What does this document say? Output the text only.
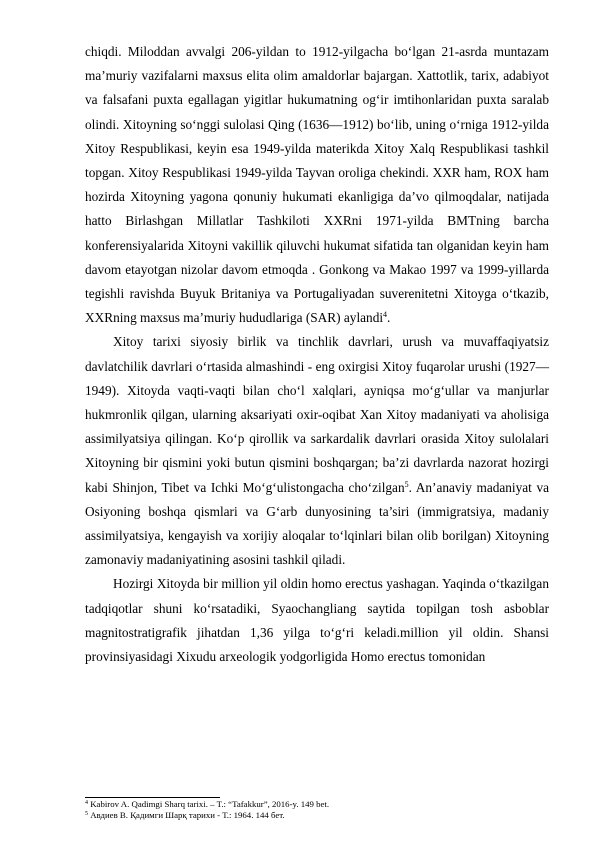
chiqdi. Miloddan avvalgi 206-yildan to 1912-yilgacha bo‘lgan 21-asrda muntazam ma’muriy vazifalarni maxsus elita olim amaldorlar bajargan. Xattotlik, tarix, adabiyot va falsafani puxta egallagan yigitlar hukumatning og‘ir imtihonlaridan puxta saralab olindi. Xitoyning so‘nggi sulolasi Qing (1636—1912) bo‘lib, uning o‘rniga 1912-yilda Xitoy Respublikasi, keyin esa 1949-yilda materikda Xitoy Xalq Respublikasi tashkil topgan. Xitoy Respublikasi 1949-yilda Tayvan oroliga chekindi. XXR ham, ROX ham hozirda Xitoyning yagona qonuniy hukumati ekanligiga da’vo qilmoqdalar, natijada hatto Birlashgan Millatlar Tashkiloti XXRni 1971-yilda BMTning barcha konferensiyalarida Xitoyni vakillik qiluvchi hukumat sifatida tan olganidan keyin ham davom etayotgan nizolar davom etmoqda . Gonkong va Makao 1997 va 1999-yillarda tegishli ravishda Buyuk Britaniya va Portugaliyadan suverenitetni Xitoyga o‘tkazib, XXRning maxsus ma’muriy hududlariga (SAR) aylandi$^4$.

Xitoy tarixi siyosiy birlik va tinchlik davrlari, urush va muvaffaqiyatsiz davlatchilik davrlari o‘rtasida almashindi - eng oxirgisi Xitoy fuqarolar urushi (1927—1949). Xitoyda vaqti-vaqti bilan cho‘l xalqlari, ayniqsa mo‘g‘ullar va manjurlar hukmronlik qilgan, ularning aksariyati oxir-oqibat Xan Xitoy madaniyati va aholisiga assimilyatsiya qilingan. Ko‘p qirollik va sarkardalik davrlari orasida Xitoy sulolalari Xitoyning bir qismini yoki butun qismini boshqargan; ba’zi davrlarda nazorat hozirgi kabi Shinjon, Tibet va Ichki Mo‘g‘ulistongacha cho‘zilgan$^5$. An’anaviy madaniyat va Osiyoning boshqa qismlari va G‘arb dunyosining ta’siri (immigratsiya, madaniy assimilyatsiya, kengayish va xorijiy aloqalar to‘lqinlari bilan olib borilgan) Xitoyning zamonaviy madaniyatining asosini tashkil qiladi.

Hozirgi Xitoyda bir million yil oldin homo erectus yashagan. Yaqinda o‘tkazilgan tadqiqotlar shuni ko‘rsatadiki, Syaochangliang saytida topilgan tosh asboblar magnitostratigrafik jihatdan 1,36 yilga to‘g‘ri keladi.million yil oldin. Shansi provinsiyasidagi Xixudu arxeologik yodgorligida Homo erectus tomonidan

$^4$ Kabirov A. Qadimgi Sharq tarixi. – T.: “Tafakkur”, 2016-y. 149 bet.

$^5$ Авдиев В. Қадимги Шарқ тарихи - Т.: 1964. 144 бет.
